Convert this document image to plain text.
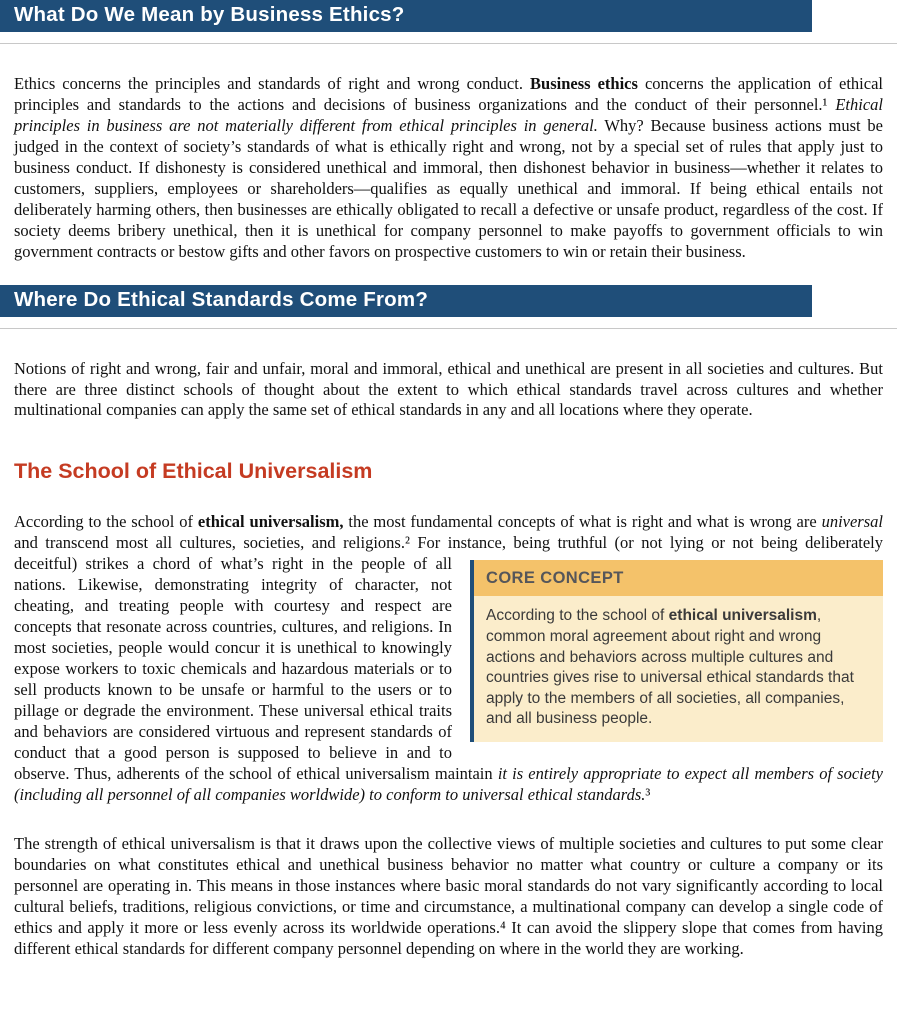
What Do We Mean by Business Ethics?
Ethics concerns the principles and standards of right and wrong conduct. Business ethics concerns the application of ethical principles and standards to the actions and decisions of business organizations and the conduct of their personnel.¹ Ethical principles in business are not materially different from ethical principles in general. Why? Because business actions must be judged in the context of society’s standards of what is ethically right and wrong, not by a special set of rules that apply just to business conduct. If dishonesty is considered unethical and immoral, then dishonest behavior in business—whether it relates to customers, suppliers, employees or shareholders—qualifies as equally unethical and immoral. If being ethical entails not deliberately harming others, then businesses are ethically obligated to recall a defective or unsafe product, regardless of the cost. If society deems bribery unethical, then it is unethical for company personnel to make payoffs to government officials to win government contracts or bestow gifts and other favors on prospective customers to win or retain their business.
Where Do Ethical Standards Come From?
Notions of right and wrong, fair and unfair, moral and immoral, ethical and unethical are present in all societies and cultures. But there are three distinct schools of thought about the extent to which ethical standards travel across cultures and whether multinational companies can apply the same set of ethical standards in any and all locations where they operate.
The School of Ethical Universalism
According to the school of ethical universalism, the most fundamental concepts of what is right and what is wrong are universal and transcend most all cultures, societies, and religions.² For instance, being truthful (or not
CORE CONCEPT
According to the school of ethical universalism, common moral agreement about right and wrong actions and behaviors across multiple cultures and countries gives rise to universal ethical standards that apply to the members of all societies, all companies, and all business people.
lying or not being deliberately deceitful) strikes a chord of what’s right in the people of all nations. Likewise, demonstrating integrity of character, not cheating, and treating people with courtesy and respect are concepts that resonate across countries, cultures, and religions. In most societies, people would concur it is unethical to knowingly expose workers to toxic chemicals and hazardous materials or to sell products known to be unsafe or harmful to the users or to pillage or degrade the environment. These universal ethical traits and behaviors are considered virtuous and represent standards of conduct that a good person is supposed to believe in and to observe. Thus, adherents of the school of ethical universalism maintain it is entirely appropriate to expect all members of society (including all personnel of all companies worldwide) to conform to universal ethical standards.³
The strength of ethical universalism is that it draws upon the collective views of multiple societies and cultures to put some clear boundaries on what constitutes ethical and unethical business behavior no matter what country or culture a company or its personnel are operating in. This means in those instances where basic moral standards do not vary significantly according to local cultural beliefs, traditions, religious convictions, or time and circumstance, a multinational company can develop a single code of ethics and apply it more or less evenly across its worldwide operations.⁴ It can avoid the slippery slope that comes from having different ethical standards for different company personnel depending on where in the world they are working.
